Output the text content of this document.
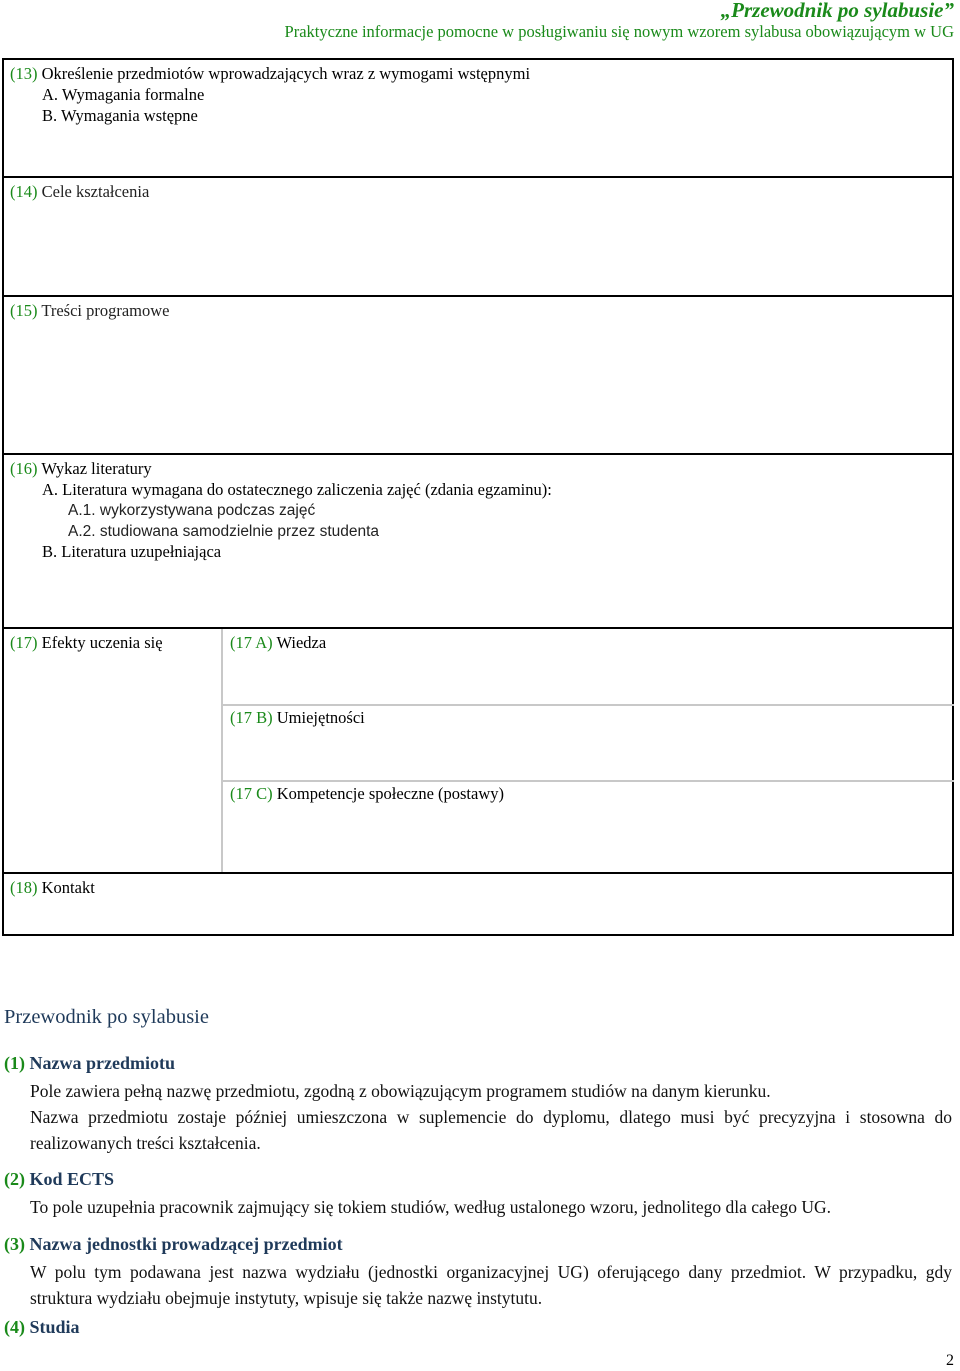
„Przewodnik po sylabusie”
Praktyczne informacje pomocne w posługiwaniu się nowym wzorem sylabusa obowiązującym w UG
(13) Określenie przedmiotów wprowadzających wraz z wymogami wstępnymi
A. Wymagania formalne
B. Wymagania wstępne
(14) Cele kształcenia
(15) Treści programowe
(16) Wykaz literatury
A. Literatura wymagana do ostatecznego zaliczenia zajęć (zdania egzaminu):
A.1. wykorzystywana podczas zajęć
A.2. studiowana samodzielnie przez studenta
B. Literatura uzupełniająca
(17) Efekty uczenia się	(17 A) Wiedza
(17 B) Umiejętności
(17 C) Kompetencje społeczne (postawy)
(18) Kontakt
Przewodnik po sylabusie
(1) Nazwa przedmiotu
Pole zawiera pełną nazwę przedmiotu, zgodną z obowiązującym programem studiów na danym kierunku.
Nazwa przedmiotu zostaje później umieszczona w suplemencie do dyplomu, dlatego musi być precyzyjna i stosowna do realizowanych treści kształcenia.
(2) Kod ECTS
To pole uzupełnia pracownik zajmujący się tokiem studiów, według ustalonego wzoru, jednolitego dla całego UG.
(3) Nazwa jednostki prowadzącej przedmiot
W polu tym podawana jest nazwa wydziału (jednostki organizacyjnej UG) oferującego dany przedmiot. W przypadku, gdy struktura wydziału obejmuje instytuty, wpisuje się także nazwę instytutu.
(4) Studia
2
